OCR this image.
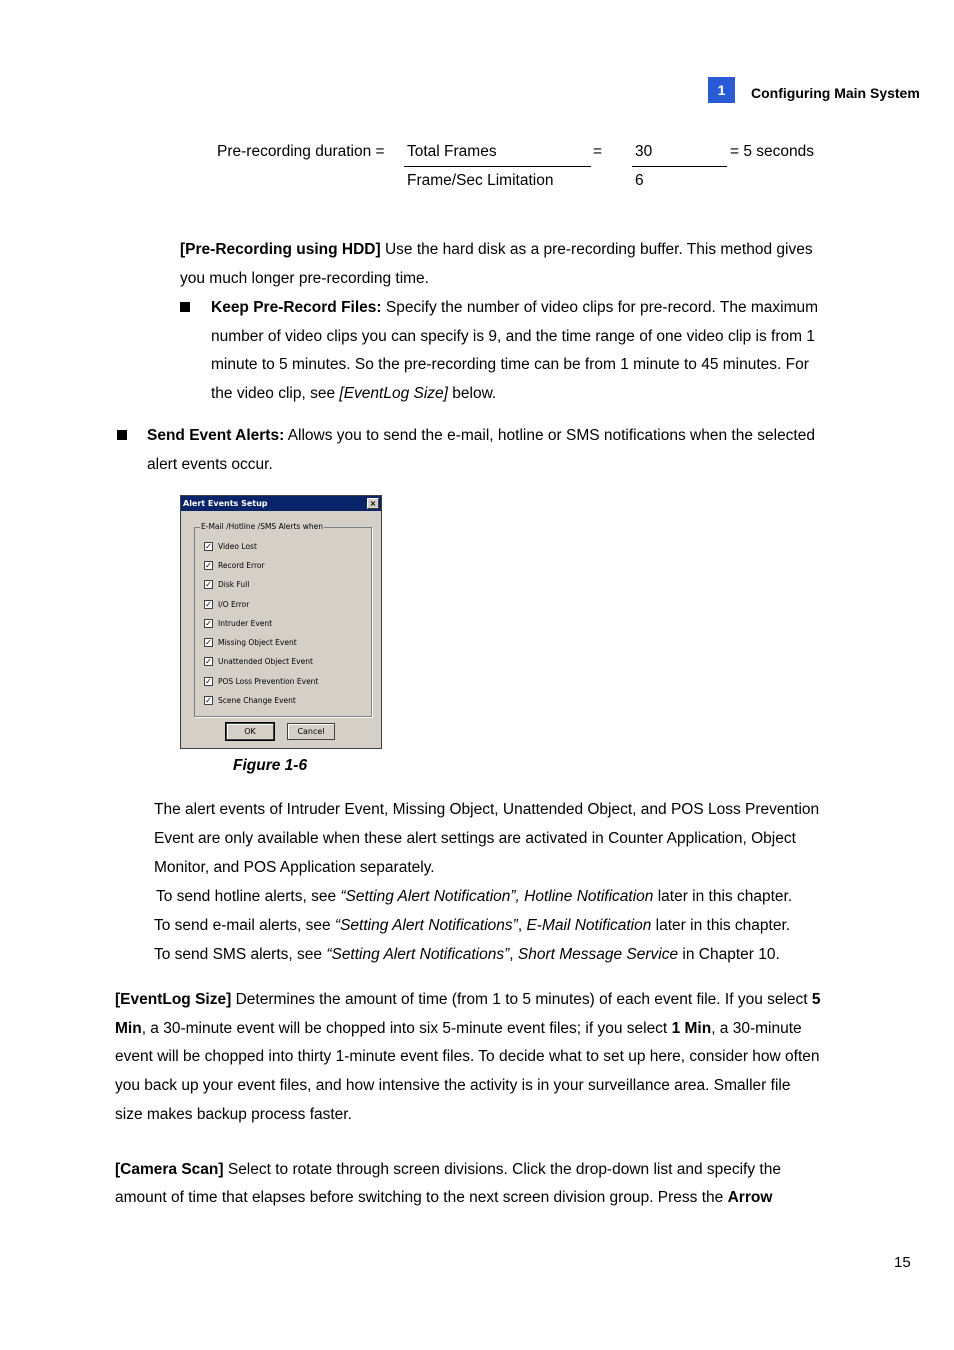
1	Configuring Main System
Pre-recording duration = Total Frames	= 30	= 5 seconds
Frame/Sec Limitation	6
[Pre-Recording using HDD] Use the hard disk as a pre-recording buffer. This method gives
you much longer pre-recording time.
Keep Pre-Record Files: Specify the number of video clips for pre-record. The maximum
number of video clips you can specify is 9, and the time range of one video clip is from 1
minute to 5 minutes. So the pre-recording time can be from 1 minute to 45 minutes. For
the video clip, see [EventLog Size] below.
Send Event Alerts: Allows you to send the e-mail, hotline or SMS notifications when the selected
alert events occur.
Alert Events Setup	×
E-Mail /Hotline /SMS Alerts when
✓ Video Lost
✓ Record Error
✓ Disk Full
✓ I/O Error
✓ Intruder Event
✓ Missing Object Event
✓ Unattended Object Event
✓ POS Loss Prevention Event
✓ Scene Change Event
OK	Cancel
Figure 1-6
The alert events of Intruder Event, Missing Object, Unattended Object, and POS Loss Prevention
Event are only available when these alert settings are activated in Counter Application, Object
Monitor, and POS Application separately.
To send hotline alerts, see “Setting Alert Notification”, Hotline Notification later in this chapter.
To send e-mail alerts, see “Setting Alert Notifications”, E-Mail Notification later in this chapter.
To send SMS alerts, see “Setting Alert Notifications”, Short Message Service in Chapter 10.
[EventLog Size] Determines the amount of time (from 1 to 5 minutes) of each event file. If you select 5
Min, a 30-minute event will be chopped into six 5-minute event files; if you select 1 Min, a 30-minute
event will be chopped into thirty 1-minute event files. To decide what to set up here, consider how often
you back up your event files, and how intensive the activity is in your surveillance area. Smaller file
size makes backup process faster.
[Camera Scan] Select to rotate through screen divisions. Click the drop-down list and specify the
amount of time that elapses before switching to the next screen division group. Press the Arrow
15
